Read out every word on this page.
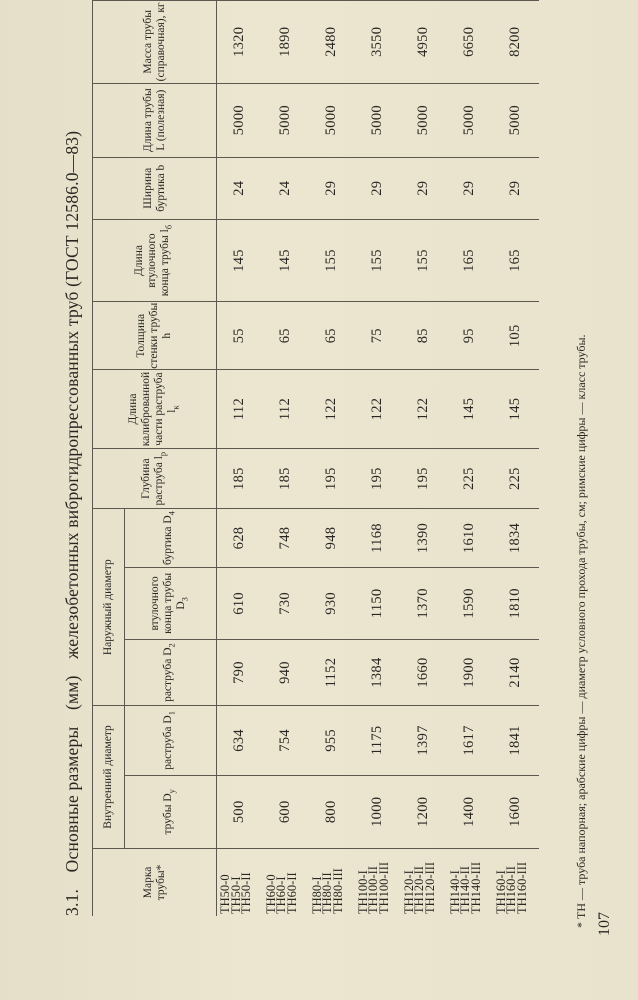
3.1. Основные размеры (мм) железобетонных виброгидропрессованных труб (ГОСТ 12586.0—83)
Марка трубы*	Внутренний диаметр		Наружный диаметр			Глубина раструба $l_p$	Длина калиброванной части раструба $l_к$	Толщина стенки трубы h	Длина втулочного конца трубы $l_б$	Ширина буртика b	Длина трубы L (полезная)	Масса трубы (справочная), кг
	трубы $D_y$	раструба $D_1$	раструба $D_2$	втулочного конца трубы $D_3$	буртика $D_4$

ТН50-0
ТН50-I
ТН50-II	500	634	790	610	628	185	112	55	145	24	5000	1320

ТН60-0
ТН60-I
ТН60-II	600	754	940	730	748	185	112	65	145	24	5000	1890

ТН80-I
ТН80-II
ТН80-III	800	955	1152	930	948	195	122	65	155	29	5000	2480

ТН100-I
ТН100-II
ТН100-III	1000	1175	1384	1150	1168	195	122	75	155	29	5000	3550

ТН120-I
ТН120-II
ТН120-III	1200	1397	1660	1370	1390	195	122	85	155	29	5000	4950

ТН140-I
ТН140-II
ТН140-III	1400	1617	1900	1590	1610	225	145	95	165	29	5000	6650

ТН160-I
ТН160-II
ТН160-III	1600	1841	2140	1810	1834	225	145	105	165	29	5000	8200
* ТН — труба напорная; арабские цифры — диаметр условного прохода трубы, см; римские цифры — класс трубы. 107
